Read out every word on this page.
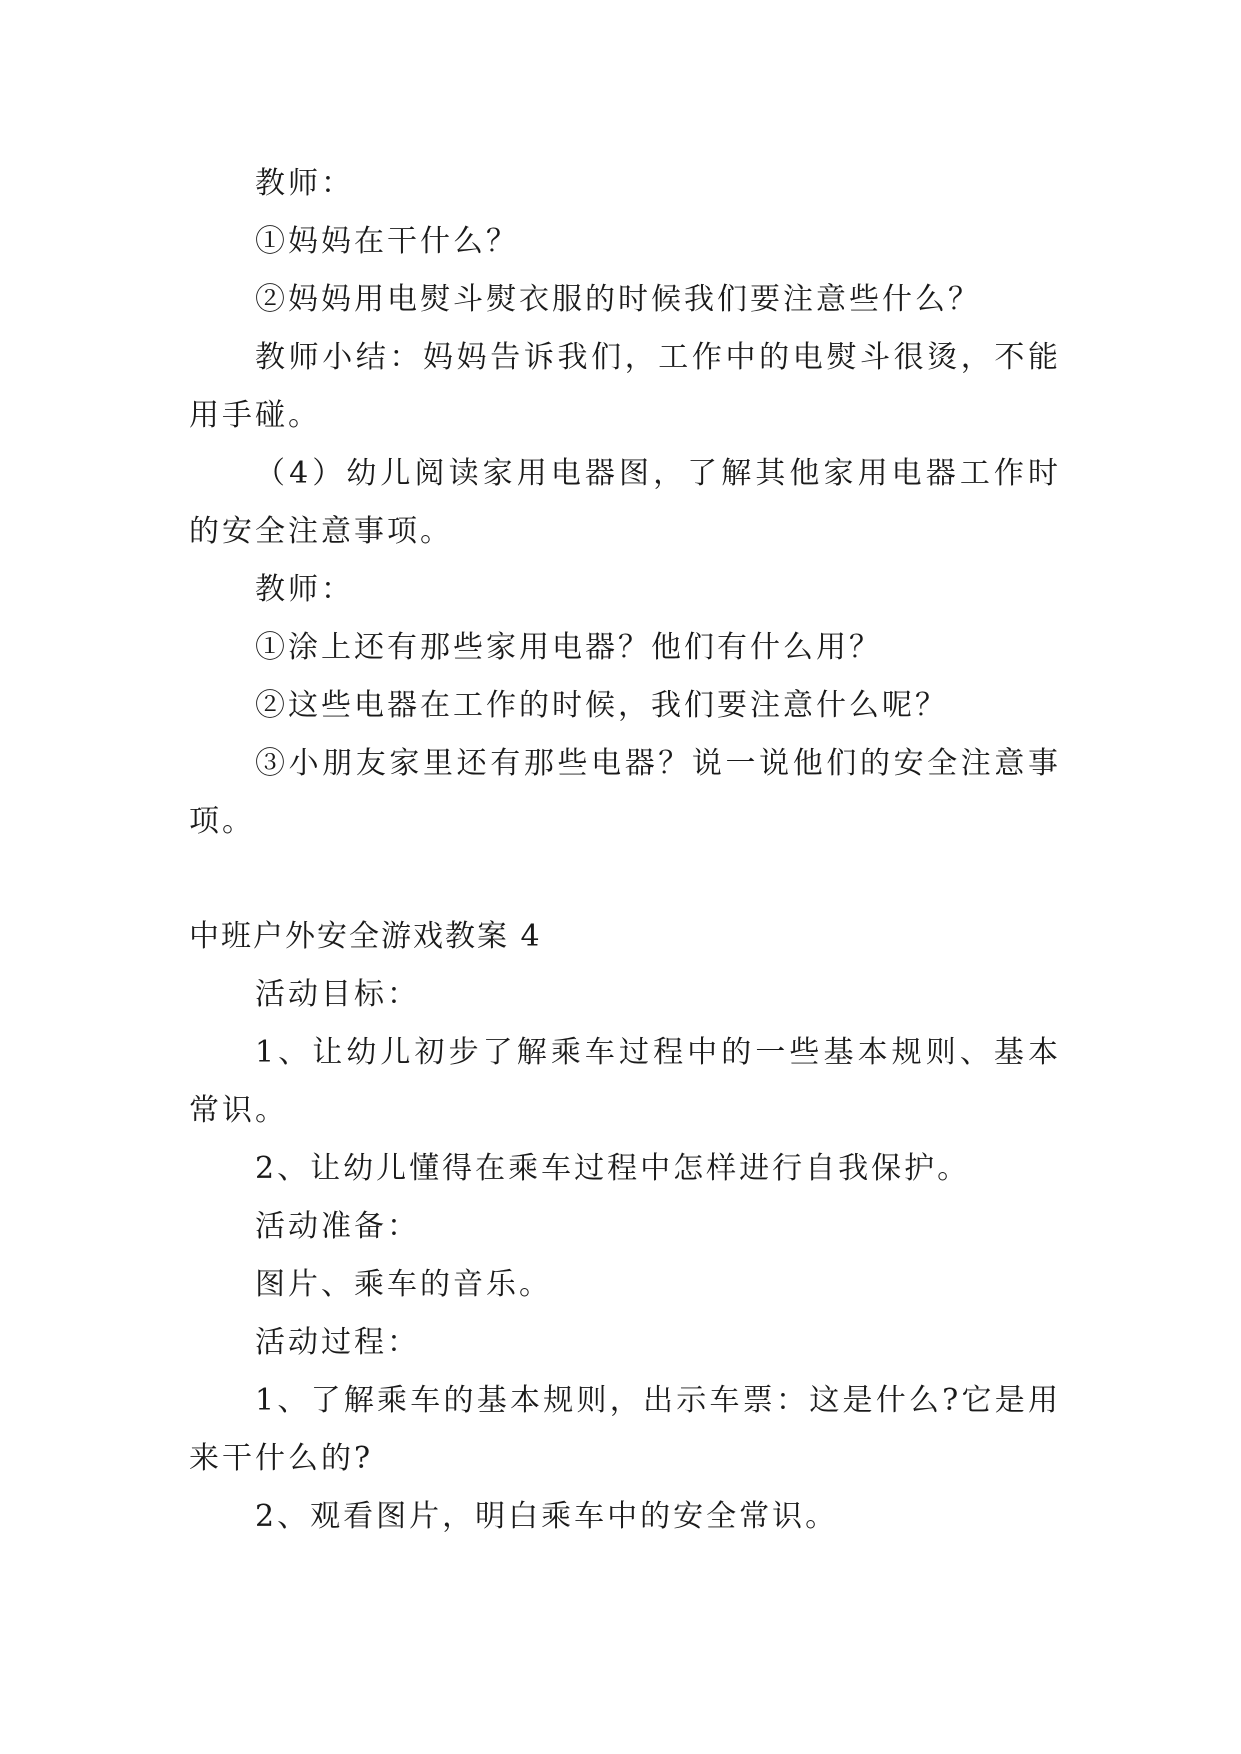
教师：

①妈妈在干什么？

②妈妈用电熨斗熨衣服的时候我们要注意些什么？

教师小结：妈妈告诉我们，工作中的电熨斗很烫，不能用手碰。

（4）幼儿阅读家用电器图，了解其他家用电器工作时的安全注意事项。

教师：

①涂上还有那些家用电器？他们有什么用？

②这些电器在工作的时候，我们要注意什么呢？

③小朋友家里还有那些电器？说一说他们的安全注意事项。

中班户外安全游戏教案 4

活动目标：

1、让幼儿初步了解乘车过程中的一些基本规则、基本常识。

2、让幼儿懂得在乘车过程中怎样进行自我保护。

活动准备：

图片、乘车的音乐。

活动过程：

1、了解乘车的基本规则，出示车票：这是什么?它是用来干什么的?

2、观看图片，明白乘车中的安全常识。
